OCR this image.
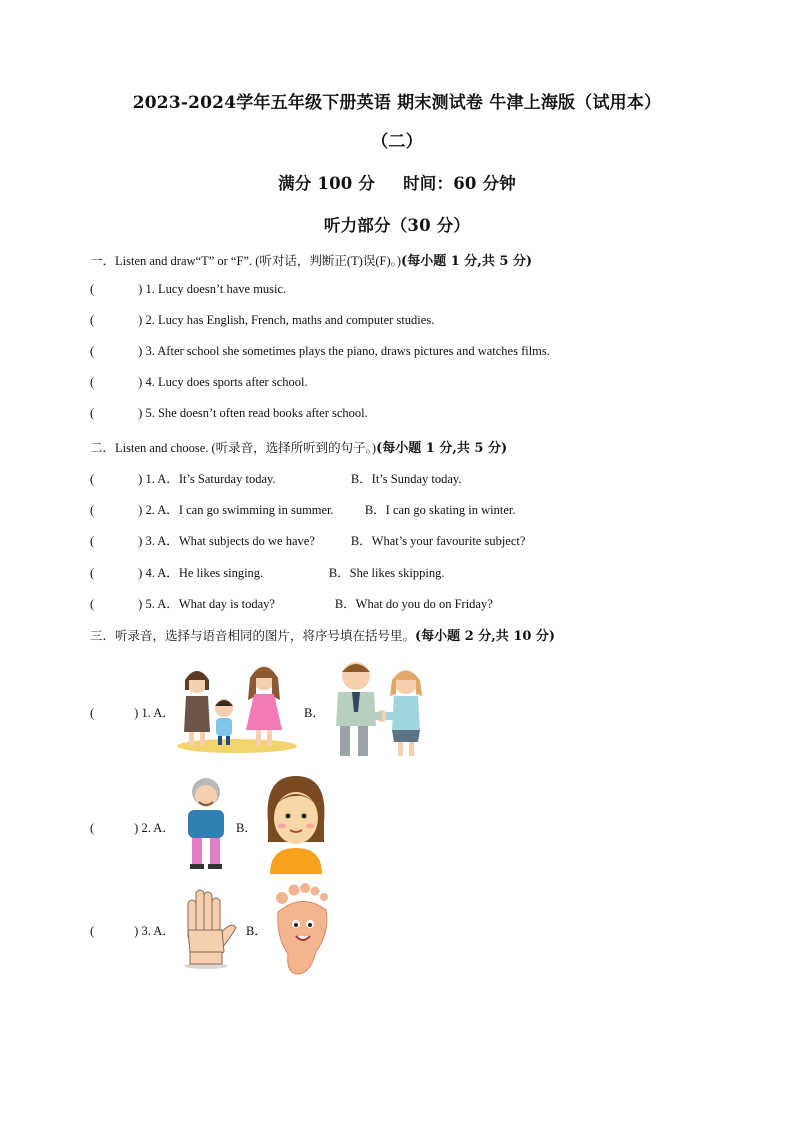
2023-2024学年五年级下册英语 期末测试卷 牛津上海版（试用本）
（二）
满分 100 分 时间：60 分钟
听力部分（30 分）
一．Listen and draw“T” or “F”. (听对话，判断正(T)误(F)。)(每小题 1 分,共 5 分)
(	) 1. Lucy doesn’t have music.
(	) 2. Lucy has English, French, maths and computer studies.
(	) 3. After school she sometimes plays the piano, draws pictures and watches films.
(	) 4. Lucy does sports after school.
(	) 5. She doesn’t often read books after school.
二．Listen and choose. (听录音，选择所听到的句子。)(每小题 1 分,共 5 分)
(	) 1. A．It’s Saturday today.	B．It’s Sunday today.
(	) 2. A．I can go swimming in summer. B．I can go skating in winter.
(	) 3. A．What subjects do we have?	B．What’s your favourite subject?
(	) 4. A．He likes singing.	B．She likes skipping.
(	) 5. A．What day is today?	B．What do you do on Friday?
三．听录音，选择与语音相同的图片，将序号填在括号里。(每小题 2 分,共 10 分)
(	) 1. A．	B．
(	) 2. A．	B．
(	) 3. A．	B．
